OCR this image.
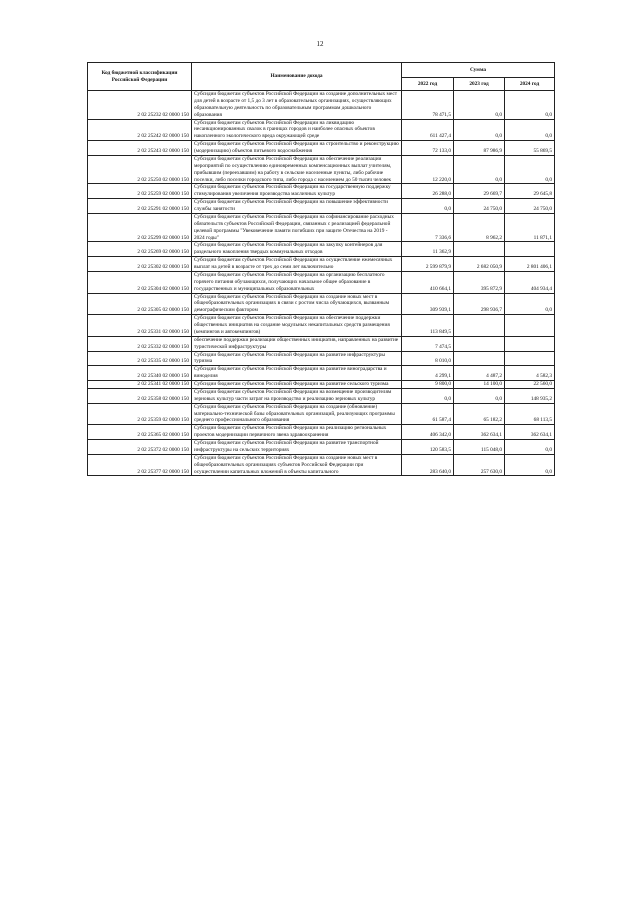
12
Код бюджетной классификации Российской Федерации	Наименование дохода	Сумма		
		2022 год	2023 год	2024 год
2 02 25232 02 0000 150	Субсидии бюджетам субъектов Российской Федерации на создание дополнительных мест для детей в возрасте от 1,5 до 3 лет в образовательных организациях, осуществляющих образовательную деятельность по образовательным программам дошкольного образования	78 471,5	0,0	0,0
2 02 25242 02 0000 150	Субсидии бюджетам субъектов Российской Федерации на ликвидацию несанкционированных свалок в границах городов и наиболее опасных объектов накопленного экологического вреда окружающей среде	611 427,4	0,0	0,0
2 02 25243 02 0000 150	Субсидии бюджетам субъектов Российской Федерации на строительство и реконструкцию (модернизацию) объектов питьевого водоснабжения	72 133,0	87 986,9	55 869,5
2 02 25250 02 0000 150	Субсидии бюджетам субъектов Российской Федерации на обеспечение реализации мероприятий по осуществлению единовременных компенсационных выплат учителям, прибывшим (переехавшим) на работу в сельские населенные пункты, либо рабочие поселки, либо поселки городского типа, либо города с населением до 50 тысяч человек	12 220,0	0,0	0,0
2 02 25259 02 0000 150	Субсидии бюджетам субъектов Российской Федерации на государственную поддержку стимулирования увеличения производства масличных культур	26 288,0	29 669,7	29 645,8
2 02 25291 02 0000 150	Субсидии бюджетам субъектов Российской Федерации на повышение эффективности службы занятости	0,0	24 750,0	24 750,0
2 02 25299 02 0000 150	Субсидии бюджетам субъектов Российской Федерации на софинансирование расходных обязательств субъектов Российской Федерации, связанных с реализацией федеральной целевой программы "Увековечение памяти погибших при защите Отечества на 2019 - 2024 годы"	7 336,6	8 962,2	11 871,1
2 02 25269 02 0000 150	Субсидии бюджетам субъектов Российской Федерации на закупку контейнеров для раздельного накопления твердых коммунальных отходов	11 362,9		
2 02 25302 02 0000 150	Субсидии бюджетам субъектов Российской Федерации на осуществление ежемесячных выплат на детей в возрасте от трех до семи лет включительно	2 599 879,9	2 682 050,9	2 801 406,1
2 02 25304 02 0000 150	Субсидии бюджетам субъектов Российской Федерации на организацию бесплатного горячего питания обучающихся, получающих начальное общее образование в государственных и муниципальных образовательных	410 664,1	395 872,9	404 934,4
2 02 25305 02 0000 150	Субсидии бюджетам субъектов Российской Федерации на создание новых мест в общеобразовательных организациях в связи с ростом числа обучающихся, вызванным демографическим фактором	309 939,1	298 936,7	0,0
2 02 25331 02 0000 150	Субсидии бюджетам субъектов Российской Федерации на обеспечение поддержки общественных инициатив на создание модульных некапитальных средств размещения (кемпингов и автокемпингов)	113 849,5		
2 02 25332 02 0000 150	обеспечение поддержки реализации общественных инициатив, направленных на развитие туристической инфраструктуры	7 474,5		
2 02 25335 02 0000 150	Субсидии бюджетам субъектов Российской Федерации на развитие инфраструктуры туризма	8 010,0		
2 02 25340 02 0000 150	Субсидии бюджетам субъектов Российской Федерации на развитие виноградарства и виноделия	4 299,1	4 487,2	4 582,3
2 02 25341 02 0000 150	Субсидии бюджетам субъектов Российской Федерации на развитие сельского туризма	9 800,0	14 100,0	22 560,0
2 02 25358 02 0000 150	Субсидии бюджетам субъектов Российской Федерации на возмещение производителям зерновых культур части затрат на производство и реализацию зерновых культур	0,0	0,0	148 935,2
2 02 25359 02 0000 150	Субсидии бюджетам субъектов Российской Федерации на создание (обновление) материально-технической базы образовательных организаций, реализующих программы среднего профессионального образования	61 587,4	65 182,2	68 113,5
2 02 25365 02 0000 150	Субсидии бюджетам субъектов Российской Федерации на реализацию региональных проектов модернизации первичного звена здравоохранения	406 342,0	362 634,1	362 634,1
2 02 25372 02 0000 150	Субсидии бюджетам субъектов Российской Федерации на развитие транспортной инфраструктуры на сельских территориях	120 583,5	115 048,0	0,0
2 02 25377 02 0000 150	Субсидии бюджетам субъектов Российской Федерации на создание новых мест в общеобразовательных организациях субъектов Российской Федерации при осуществлении капитальных вложений в объекты капитального	283 640,0	257 630,0	0,0
